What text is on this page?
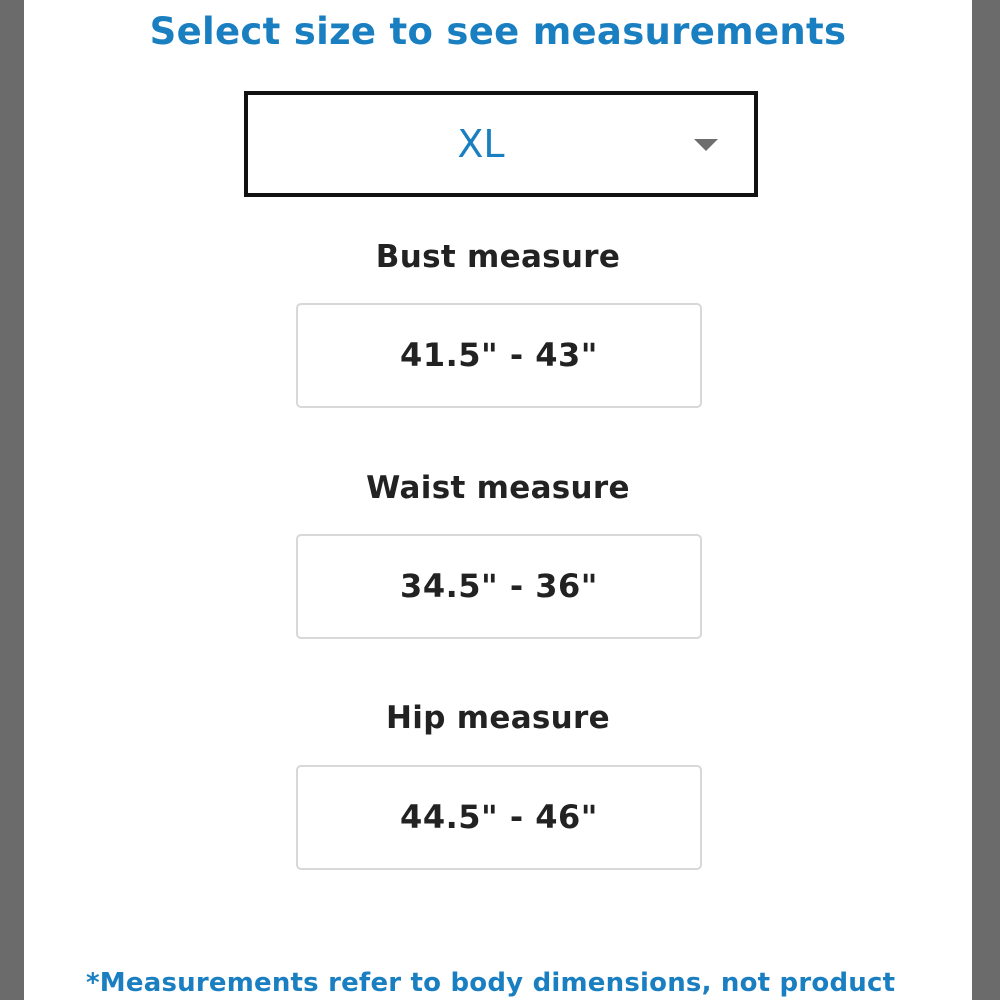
Select size to see measurements
XL
Bust measure
41.5" - 43"
Waist measure
34.5" - 36"
Hip measure
44.5" - 46"
*Measurements refer to body dimensions, not product
